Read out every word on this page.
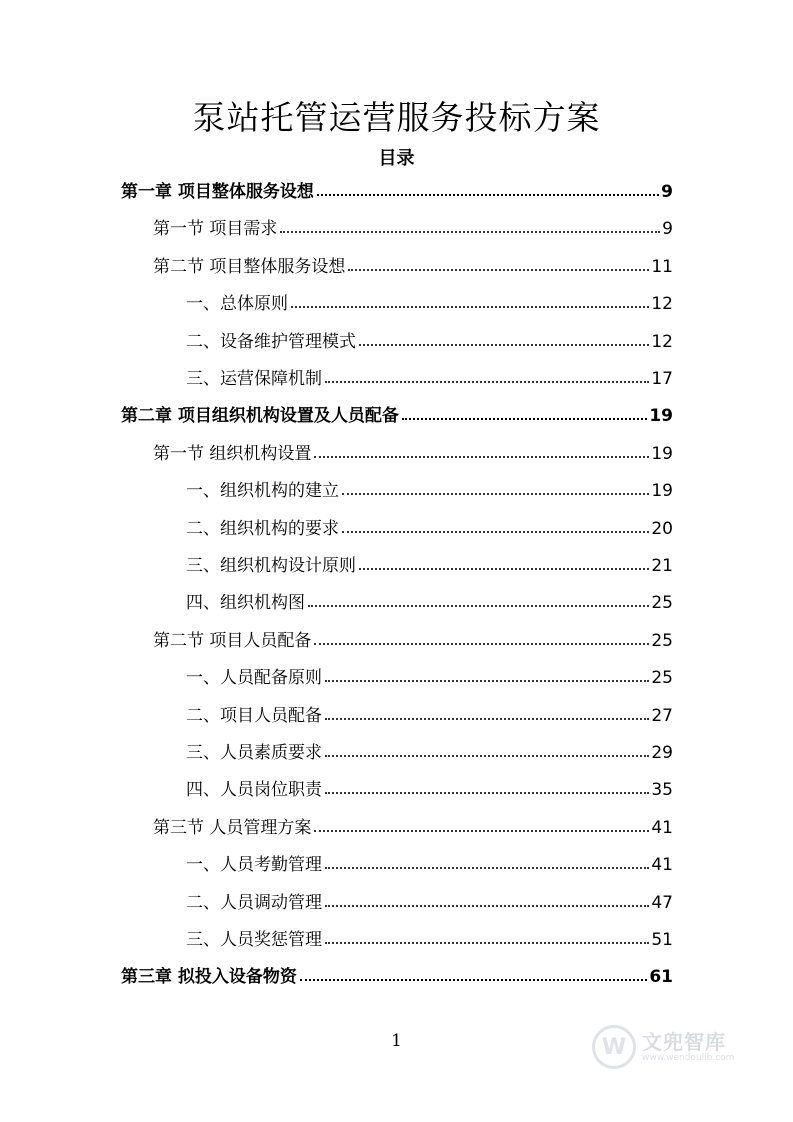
泵站托管运营服务投标方案
目录
第一章 项目整体服务设想	9
第一节 项目需求	9
第二节 项目整体服务设想	11
一、总体原则	12
二、设备维护管理模式	12
三、运营保障机制	17
第二章 项目组织机构设置及人员配备	19
第一节 组织机构设置	19
一、组织机构的建立	19
二、组织机构的要求	20
三、组织机构设计原则	21
四、组织机构图	25
第二节 项目人员配备	25
一、人员配备原则	25
二、项目人员配备	27
三、人员素质要求	29
四、人员岗位职责	35
第三节 人员管理方案	41
一、人员考勤管理	41
二、人员调动管理	47
三、人员奖惩管理	51
第三章 拟投入设备物资	61
1	W 文兜智库
www.wendoulib.com
